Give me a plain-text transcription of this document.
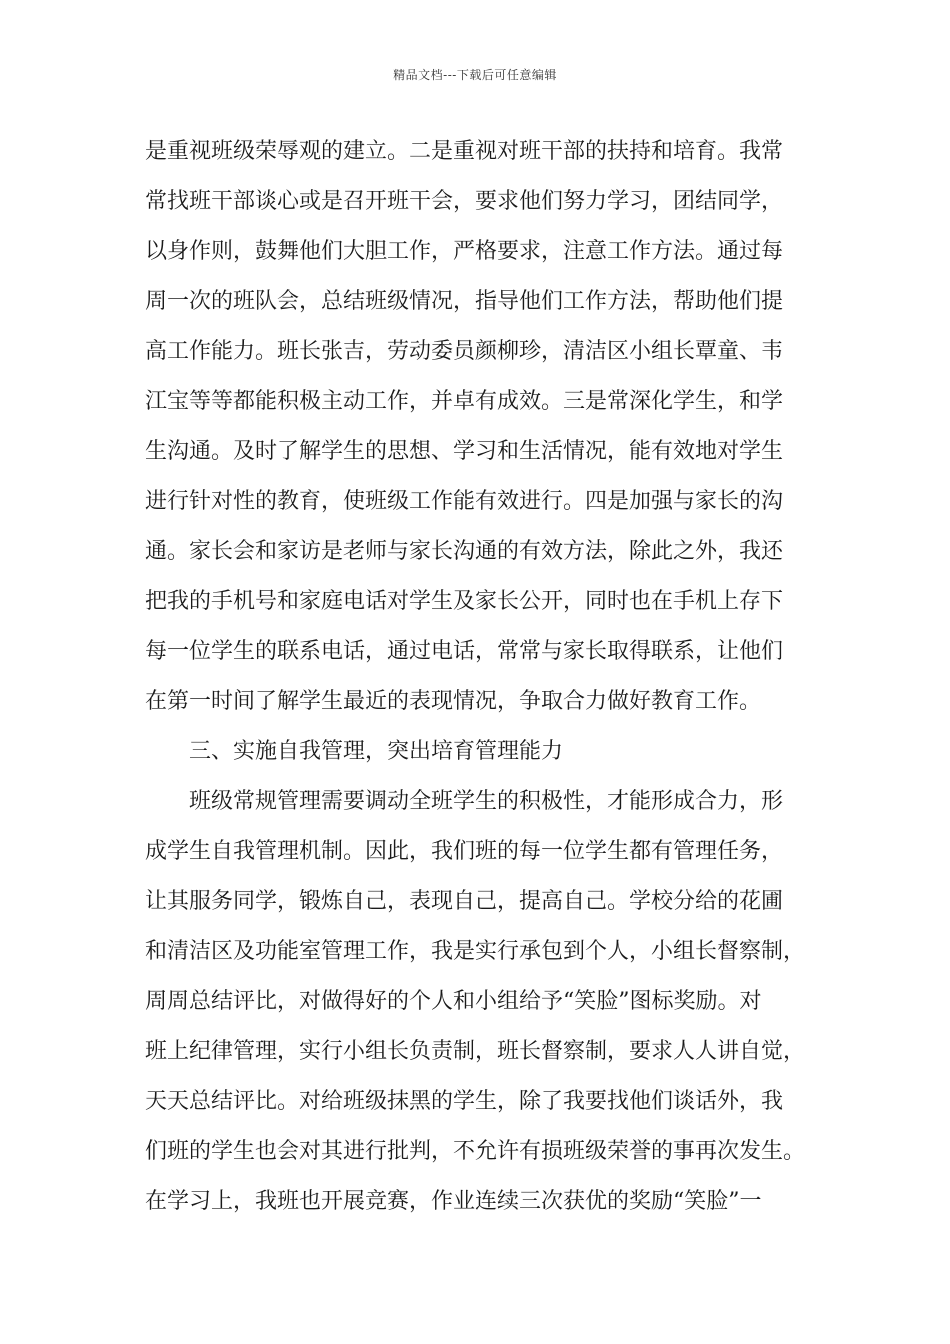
精品文档---下载后可任意编辑
是重视班级荣辱观的建立。二是重视对班干部的扶持和培育。我常
常找班干部谈心或是召开班干会，要求他们努力学习，团结同学，
以身作则，鼓舞他们大胆工作，严格要求，注意工作方法。通过每
周一次的班队会，总结班级情况，指导他们工作方法，帮助他们提
高工作能力。班长张吉，劳动委员颜柳珍，清洁区小组长覃童、韦
江宝等等都能积极主动工作，并卓有成效。三是常深化学生，和学
生沟通。及时了解学生的思想、学习和生活情况，能有效地对学生
进行针对性的教育，使班级工作能有效进行。四是加强与家长的沟
通。家长会和家访是老师与家长沟通的有效方法，除此之外，我还
把我的手机号和家庭电话对学生及家长公开，同时也在手机上存下
每一位学生的联系电话，通过电话，常常与家长取得联系，让他们
在第一时间了解学生最近的表现情况，争取合力做好教育工作。
三、实施自我管理，突出培育管理能力
班级常规管理需要调动全班学生的积极性，才能形成合力，形
成学生自我管理机制。因此，我们班的每一位学生都有管理任务，
让其服务同学，锻炼自己，表现自己，提高自己。学校分给的花圃
和清洁区及功能室管理工作，我是实行承包到个人，小组长督察制，
周周总结评比，对做得好的个人和小组给予“笑脸”图标奖励。对
班上纪律管理，实行小组长负责制，班长督察制，要求人人讲自觉，
天天总结评比。对给班级抹黑的学生，除了我要找他们谈话外，我
们班的学生也会对其进行批判，不允许有损班级荣誉的事再次发生。
在学习上，我班也开展竞赛，作业连续三次获优的奖励“笑脸”一
